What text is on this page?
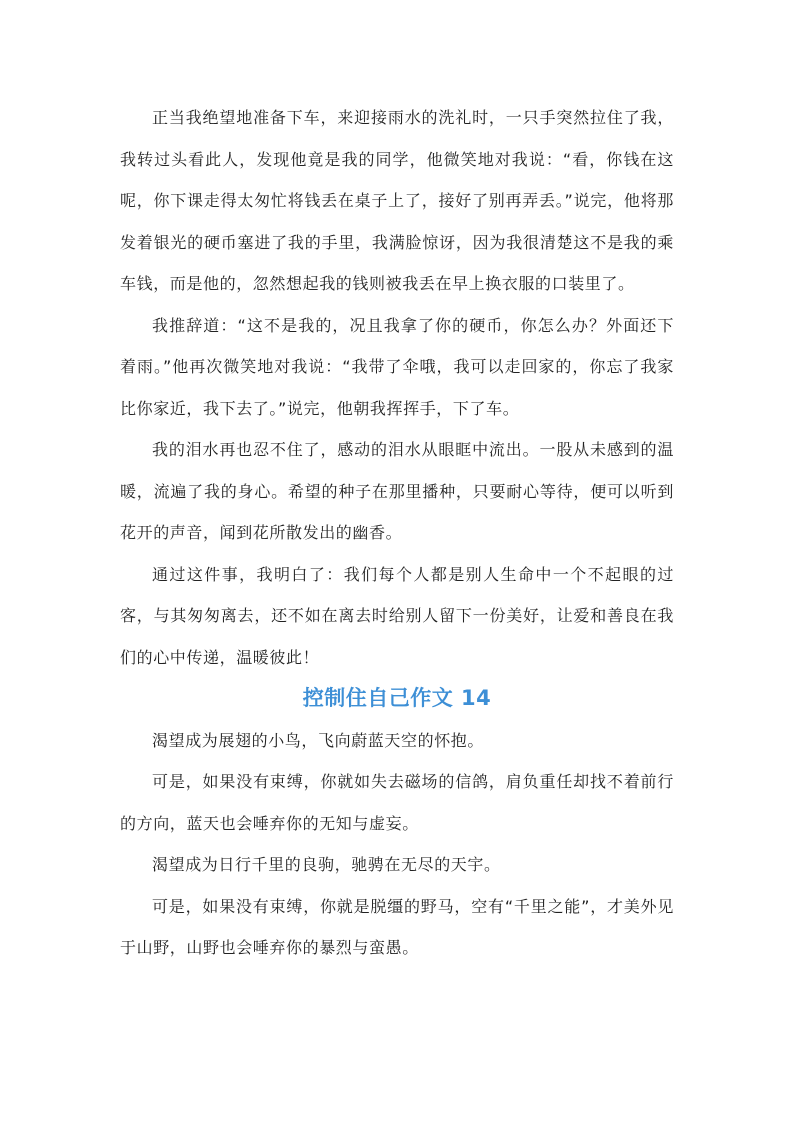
正当我绝望地准备下车，来迎接雨水的洗礼时，一只手突然拉住了我，我转过头看此人，发现他竟是我的同学，他微笑地对我说：“看，你钱在这呢，你下课走得太匆忙将钱丢在桌子上了，接好了别再弄丢。”说完，他将那发着银光的硬币塞进了我的手里，我满脸惊讶，因为我很清楚这不是我的乘车钱，而是他的，忽然想起我的钱则被我丢在早上换衣服的口装里了。

我推辞道：“这不是我的，况且我拿了你的硬币，你怎么办？外面还下着雨。”他再次微笑地对我说：“我带了伞哦，我可以走回家的，你忘了我家比你家近，我下去了。”说完，他朝我挥挥手，下了车。

我的泪水再也忍不住了，感动的泪水从眼眶中流出。一股从未感到的温暖，流遍了我的身心。希望的种子在那里播种，只要耐心等待，便可以听到花开的声音，闻到花所散发出的幽香。

通过这件事，我明白了：我们每个人都是别人生命中一个不起眼的过客，与其匆匆离去，还不如在离去时给别人留下一份美好，让爱和善良在我们的心中传递，温暖彼此！

控制住自己作文 14

渴望成为展翅的小鸟，飞向蔚蓝天空的怀抱。

可是，如果没有束缚，你就如失去磁场的信鸽，肩负重任却找不着前行的方向，蓝天也会唾弃你的无知与虚妄。

渴望成为日行千里的良驹，驰骋在无尽的天宇。

可是，如果没有束缚，你就是脱缰的野马，空有“千里之能”，才美外见于山野，山野也会唾弃你的暴烈与蛮愚。
